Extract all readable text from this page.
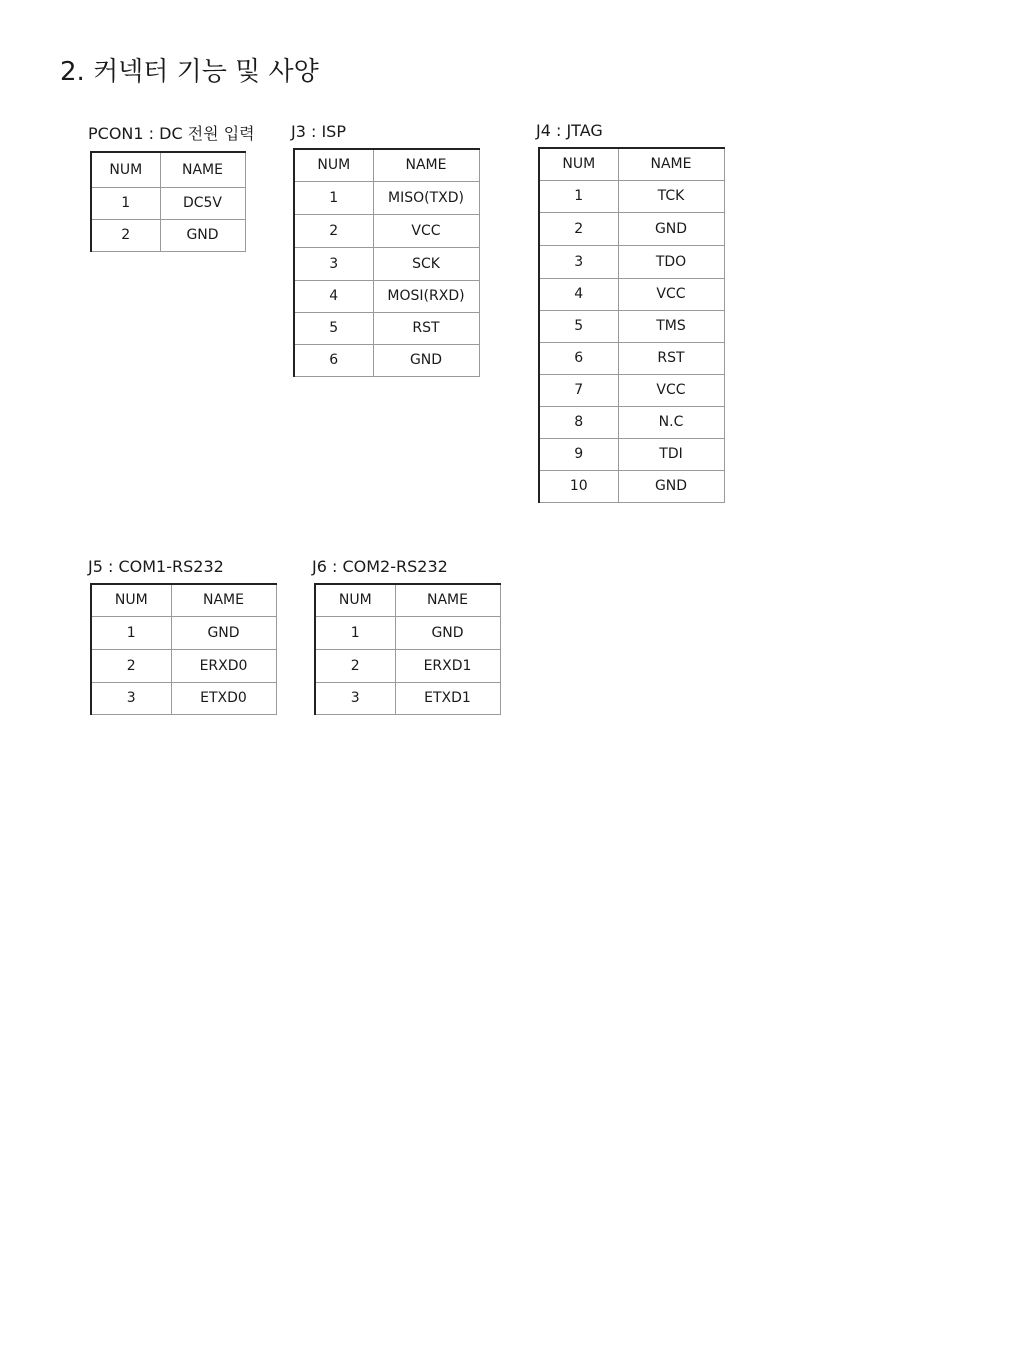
2. 커넥터 기능 및 사양
PCON1 : DC 전원 입력
NUM	NAME
1	DC5V
2	GND
J3 : ISP
NUM	NAME
1	MISO(TXD)
2	VCC
3	SCK
4	MOSI(RXD)
5	RST
6	GND
J4 : JTAG
NUM	NAME
1	TCK
2	GND
3	TDO
4	VCC
5	TMS
6	RST
7	VCC
8	N.C
9	TDI
10	GND
J5 : COM1-RS232
NUM	NAME
1	GND
2	ERXD0
3	ETXD0
J6 : COM2-RS232
NUM	NAME
1	GND
2	ERXD1
3	ETXD1
